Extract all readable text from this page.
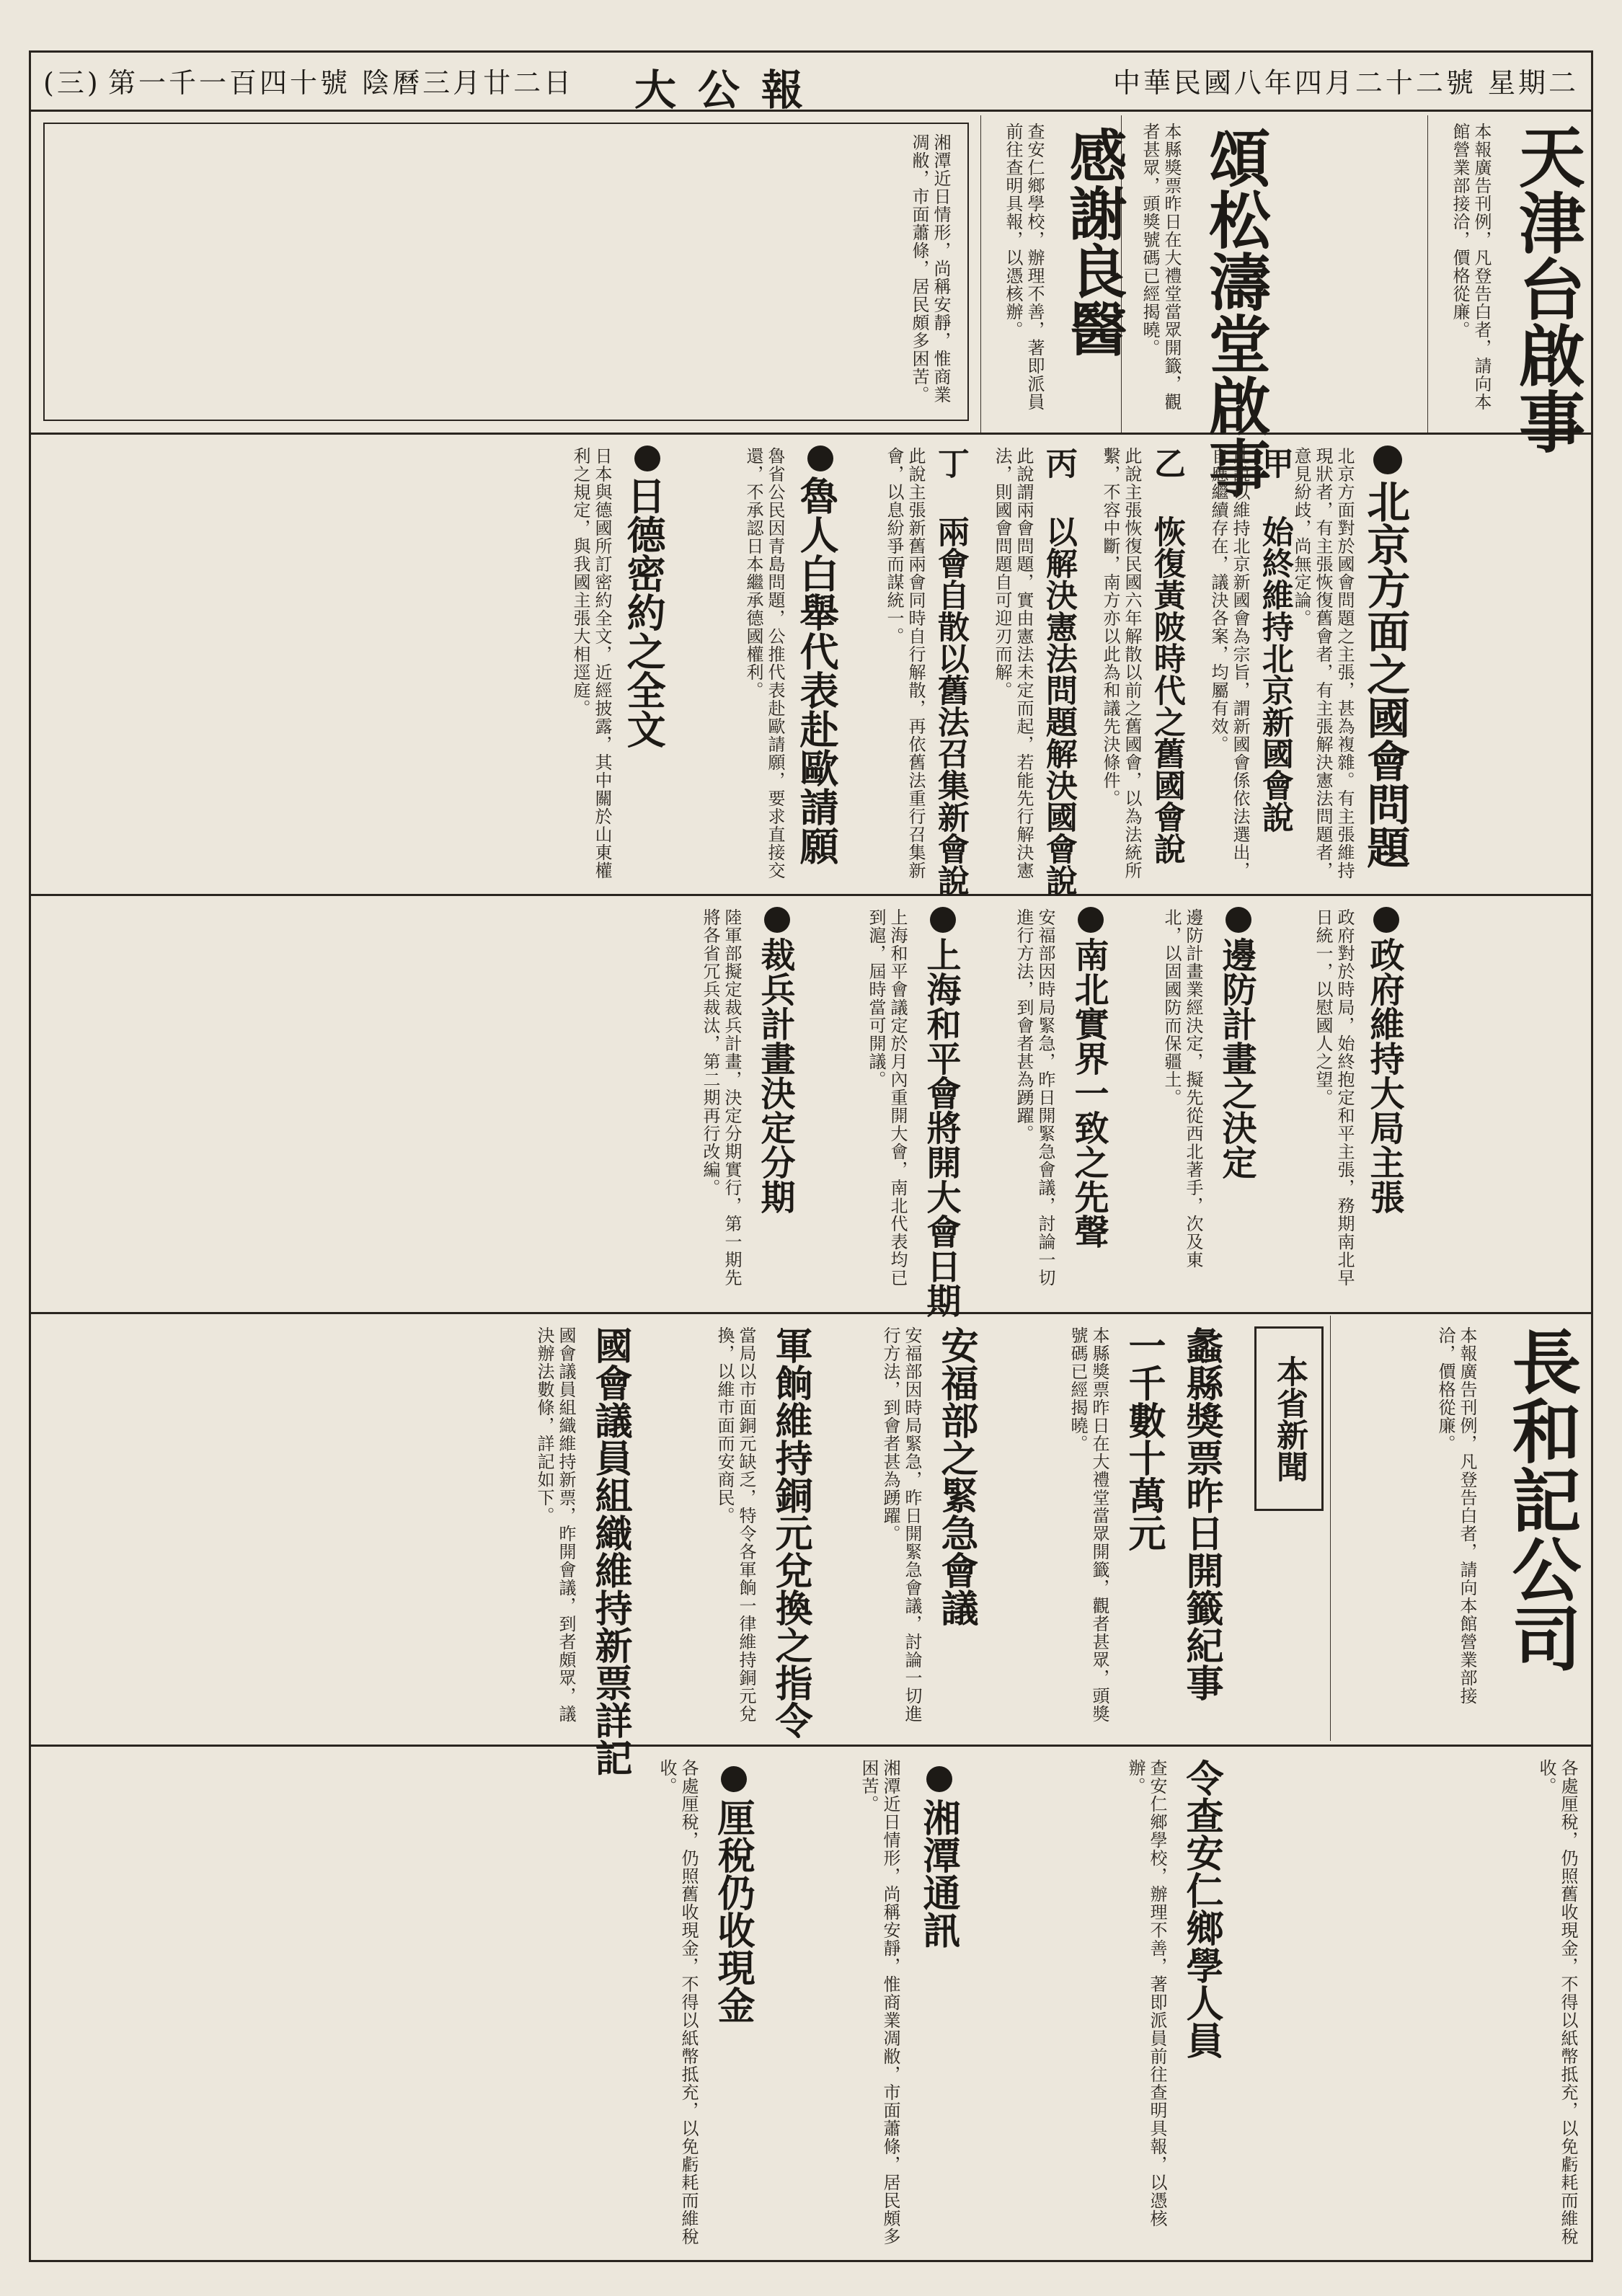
(三) 第一千一百四十號 陰曆三月廿二日 大公報	中華民國八年四月二十二號 星期二
天津台啟事
本報廣告刊例，凡登告白者，請向本館營業部接洽，價格從廉。
頌松濤堂啟事
本縣獎票昨日在大禮堂當眾開籤，觀者甚眾，頭獎號碼已經揭曉。
感謝良醫
查安仁鄉學校，辦理不善，著即派員前往查明具報，以憑核辦。
湘潭近日情形，尚稱安靜，惟商業凋敝，市面蕭條，居民頗多困苦。
北京方面之國會問題
北京方面對於國會問題之主張，甚為複雜。有主張維持現狀者，有主張恢復舊會者，有主張解決憲法問題者，意見紛歧，尚無定論。
甲 始終維持北京新國會說
此說以維持北京新國會為宗旨，謂新國會係依法選出，自應繼續存在，議決各案，均屬有效。
乙 恢復黃陂時代之舊國會說
此說主張恢復民國六年解散以前之舊國會，以為法統所繫，不容中斷，南方亦以此為和議先決條件。
丙 以解決憲法問題解決國會說
此說謂兩會問題，實由憲法未定而起，若能先行解決憲法，則國會問題自可迎刃而解。
丁 兩會自散以舊法召集新會說
此說主張新舊兩會同時自行解散，再依舊法重行召集新會，以息紛爭而謀統一。
魯人白舉代表赴歐請願
魯省公民因青島問題，公推代表赴歐請願，要求直接交還，不承認日本繼承德國權利。
日德密約之全文
日本與德國所訂密約全文，近經披露，其中關於山東權利之規定，與我國主張大相逕庭。
政府維持大局主張
政府對於時局，始終抱定和平主張，務期南北早日統一，以慰國人之望。
邊防計畫之決定
邊防計畫業經決定，擬先從西北著手，次及東北，以固國防而保疆土。
南北實界一致之先聲
安福部因時局緊急，昨日開緊急會議，討論一切進行方法，到會者甚為踴躍。
上海和平會將開大會日期
上海和平會議定於月內重開大會，南北代表均已到滬，屆時當可開議。
裁兵計畫決定分期
陸軍部擬定裁兵計畫，決定分期實行，第一期先將各省冗兵裁汰，第二期再行改編。
本省新聞	長和記公司
本報廣告刊例，凡登告白者，請向本館營業部接洽，價格從廉。
蠡縣獎票昨日開籤紀事
一千數十萬元
本縣獎票昨日在大禮堂當眾開籤，觀者甚眾，頭獎號碼已經揭曉。
安福部之緊急會議
安福部因時局緊急，昨日開緊急會議，討論一切進行方法，到會者甚為踴躍。
軍餉維持銅元兌換之指令
當局以市面銅元缺乏，特令各軍餉一律維持銅元兌換，以維市面而安商民。
國會議員組織維持新票詳記
國會議員組織維持新票，昨開會議，到者頗眾，議決辦法數條，詳記如下。
令查安仁鄉學人員
查安仁鄉學校，辦理不善，著即派員前往查明具報，以憑核辦。	各處厘稅，仍照舊收現金，不得以紙幣抵充，以免虧耗而維稅收。
湘潭通訊
湘潭近日情形，尚稱安靜，惟商業凋敝，市面蕭條，居民頗多困苦。
厘稅仍收現金
各處厘稅，仍照舊收現金，不得以紙幣抵充，以免虧耗而維稅收。
